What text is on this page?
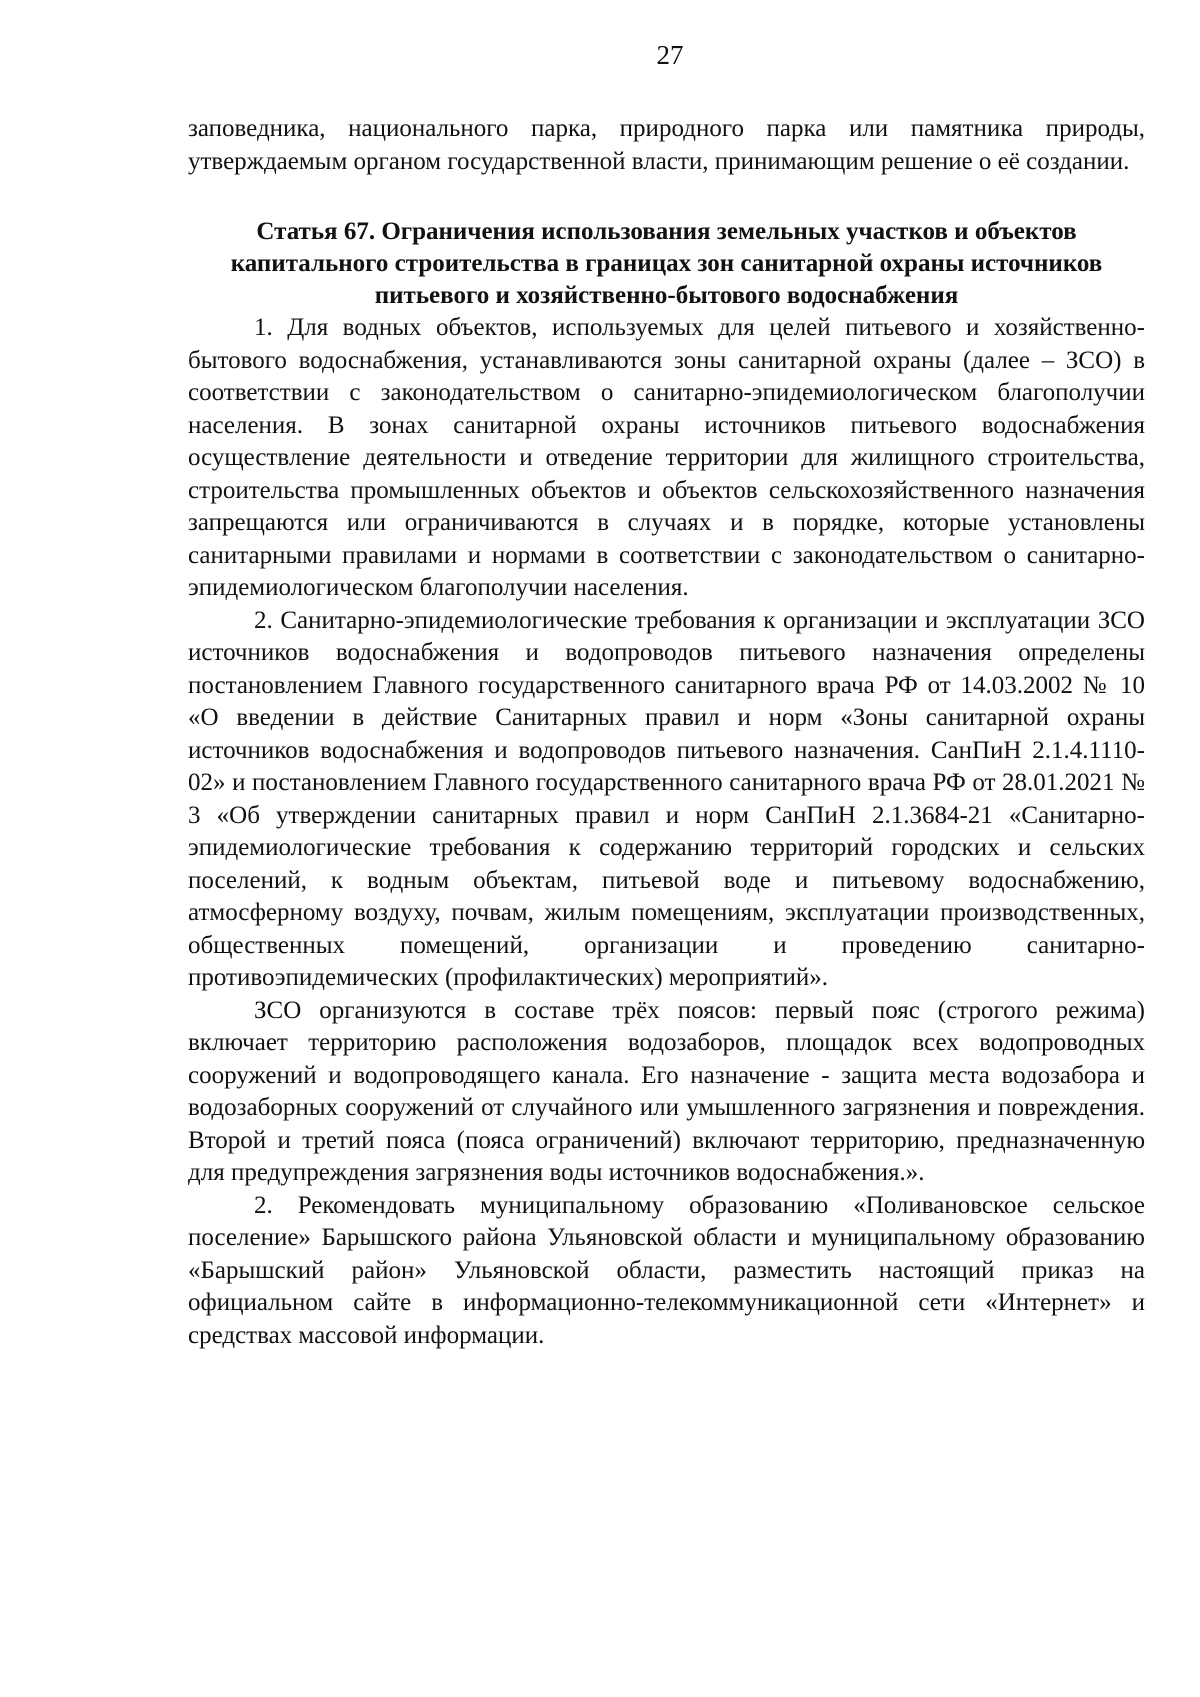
27

заповедника, национального парка, природного парка или памятника природы, утверждаемым органом государственной власти, принимающим решение о её создании.

Статья 67. Ограничения использования земельных участков и объектов капитального строительства в границах зон санитарной охраны источников питьевого и хозяйственно-бытового водоснабжения

1. Для водных объектов, используемых для целей питьевого и хозяйственно-бытового водоснабжения, устанавливаются зоны санитарной охраны (далее – ЗСО) в соответствии с законодательством о санитарно-эпидемиологическом благополучии населения. В зонах санитарной охраны источников питьевого водоснабжения осуществление деятельности и отведение территории для жилищного строительства, строительства промышленных объектов и объектов сельскохозяйственного назначения запрещаются или ограничиваются в случаях и в порядке, которые установлены санитарными правилами и нормами в соответствии с законодательством о санитарно-эпидемиологическом благополучии населения.

2. Санитарно-эпидемиологические требования к организации и эксплуатации ЗСО источников водоснабжения и водопроводов питьевого назначения определены постановлением Главного государственного санитарного врача РФ от 14.03.2002 № 10 «О введении в действие Санитарных правил и норм «Зоны санитарной охраны источников водоснабжения и водопроводов питьевого назначения. СанПиН 2.1.4.1110-02» и постановлением Главного государственного санитарного врача РФ от 28.01.2021 № 3 «Об утверждении санитарных правил и норм СанПиН 2.1.3684-21 «Санитарно-эпидемиологические требования к содержанию территорий городских и сельских поселений, к водным объектам, питьевой воде и питьевому водоснабжению, атмосферному воздуху, почвам, жилым помещениям, эксплуатации производственных, общественных помещений, организации и проведению санитарно-противоэпидемических (профилактических) мероприятий».

ЗСО организуются в составе трёх поясов: первый пояс (строгого режима) включает территорию расположения водозаборов, площадок всех водопроводных сооружений и водопроводящего канала. Его назначение - защита места водозабора и водозаборных сооружений от случайного или умышленного загрязнения и повреждения. Второй и третий пояса (пояса ограничений) включают территорию, предназначенную для предупреждения загрязнения воды источников водоснабжения.».

2. Рекомендовать муниципальному образованию «Поливановское сельское поселение» Барышского района Ульяновской области и муниципальному образованию «Барышский район» Ульяновской области, разместить настоящий приказ на официальном сайте в информационно-телекоммуникационной сети «Интернет» и средствах массовой информации.
